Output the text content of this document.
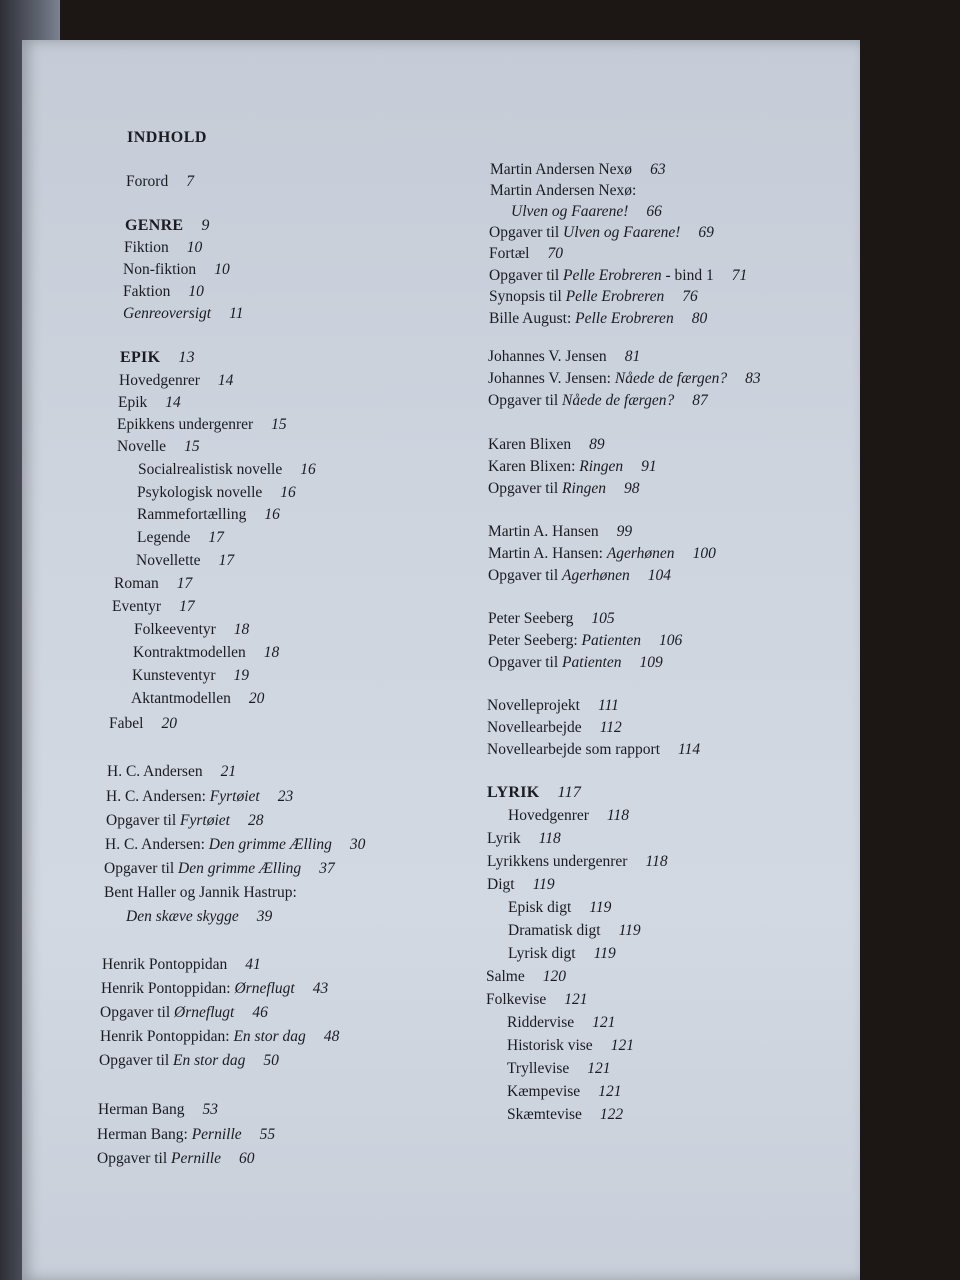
INDHOLD
Forord 7
GENRE 9
Fiktion 10
Non-fiktion 10
Faktion 10
Genreoversigt 11
EPIK 13
Hovedgenrer 14
Epik 14
Epikkens undergenrer 15
Novelle 15
Socialrealistisk novelle 16
Psykologisk novelle 16
Rammefortælling 16
Legende 17
Novellette 17
Roman 17
Eventyr 17
Folkeeventyr 18
Kontraktmodellen 18
Kunsteventyr 19
Aktantmodellen 20
Fabel 20
H. C. Andersen 21
H. C. Andersen: Fyrtøiet 23
Opgaver til Fyrtøiet 28
H. C. Andersen: Den grimme Ælling 30
Opgaver til Den grimme Ælling 37
Bent Haller og Jannik Hastrup:
Den skæve skygge 39
Henrik Pontoppidan 41
Henrik Pontoppidan: Ørneflugt 43
Opgaver til Ørneflugt 46
Henrik Pontoppidan: En stor dag 48
Opgaver til En stor dag 50
Herman Bang 53
Herman Bang: Pernille 55
Opgaver til Pernille 60
Martin Andersen Nexø 63
Martin Andersen Nexø:
Ulven og Faarene! 66
Opgaver til Ulven og Faarene! 69
Fortæl 70
Opgaver til Pelle Erobreren - bind 1 71
Synopsis til Pelle Erobreren 76
Bille August: Pelle Erobreren 80
Johannes V. Jensen 81
Johannes V. Jensen: Nåede de færgen? 83
Opgaver til Nåede de færgen? 87
Karen Blixen 89
Karen Blixen: Ringen 91
Opgaver til Ringen 98
Martin A. Hansen 99
Martin A. Hansen: Agerhønen 100
Opgaver til Agerhønen 104
Peter Seeberg 105
Peter Seeberg: Patienten 106
Opgaver til Patienten 109
Novelleprojekt 111
Novellearbejde 112
Novellearbejde som rapport 114
LYRIK 117
Hovedgenrer 118
Lyrik 118
Lyrikkens undergenrer 118
Digt 119
Episk digt 119
Dramatisk digt 119
Lyrisk digt 119
Salme 120
Folkevise 121
Riddervise 121
Historisk vise 121
Tryllevise 121
Kæmpevise 121
Skæmtevise 122
